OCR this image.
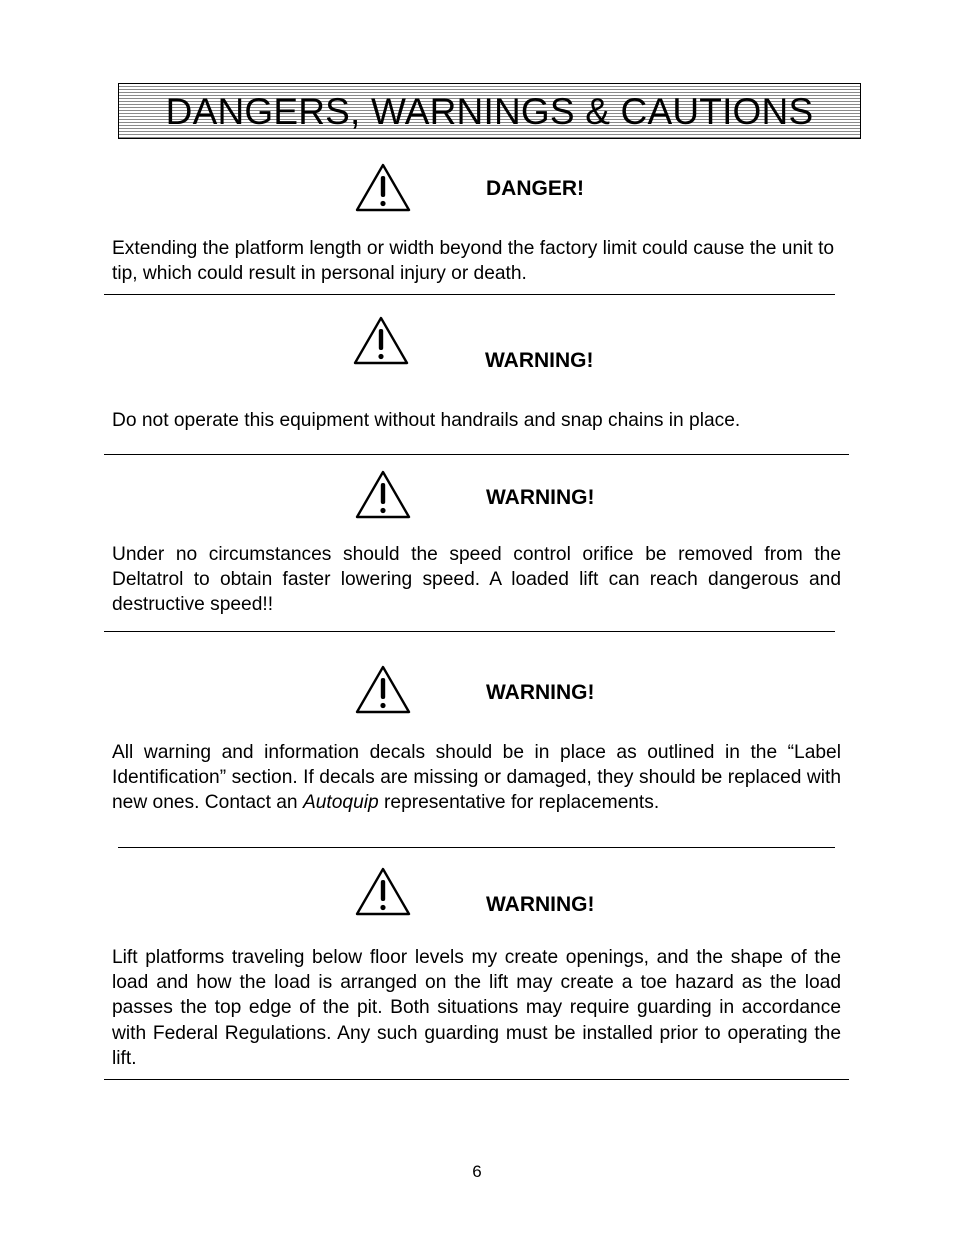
DANGERS, WARNINGS & CAUTIONS
DANGER!

Extending the platform length or width beyond the factory limit could cause the unit to tip, which could result in personal injury or death.

WARNING!

Do not operate this equipment without handrails and snap chains in place.

WARNING!

Under no circumstances should the speed control orifice be removed from the Deltatrol to obtain faster lowering speed. A loaded lift can reach dangerous and destructive speed!!

WARNING!

All warning and information decals should be in place as outlined in the “Label Identification” section. If decals are missing or damaged, they should be replaced with new ones. Contact an Autoquip representative for replacements.

WARNING!

Lift platforms traveling below floor levels my create openings, and the shape of the load and how the load is arranged on the lift may create a toe hazard as the load passes the top edge of the pit. Both situations may require guarding in accordance with Federal Regulations. Any such guarding must be installed prior to operating the lift.

6
